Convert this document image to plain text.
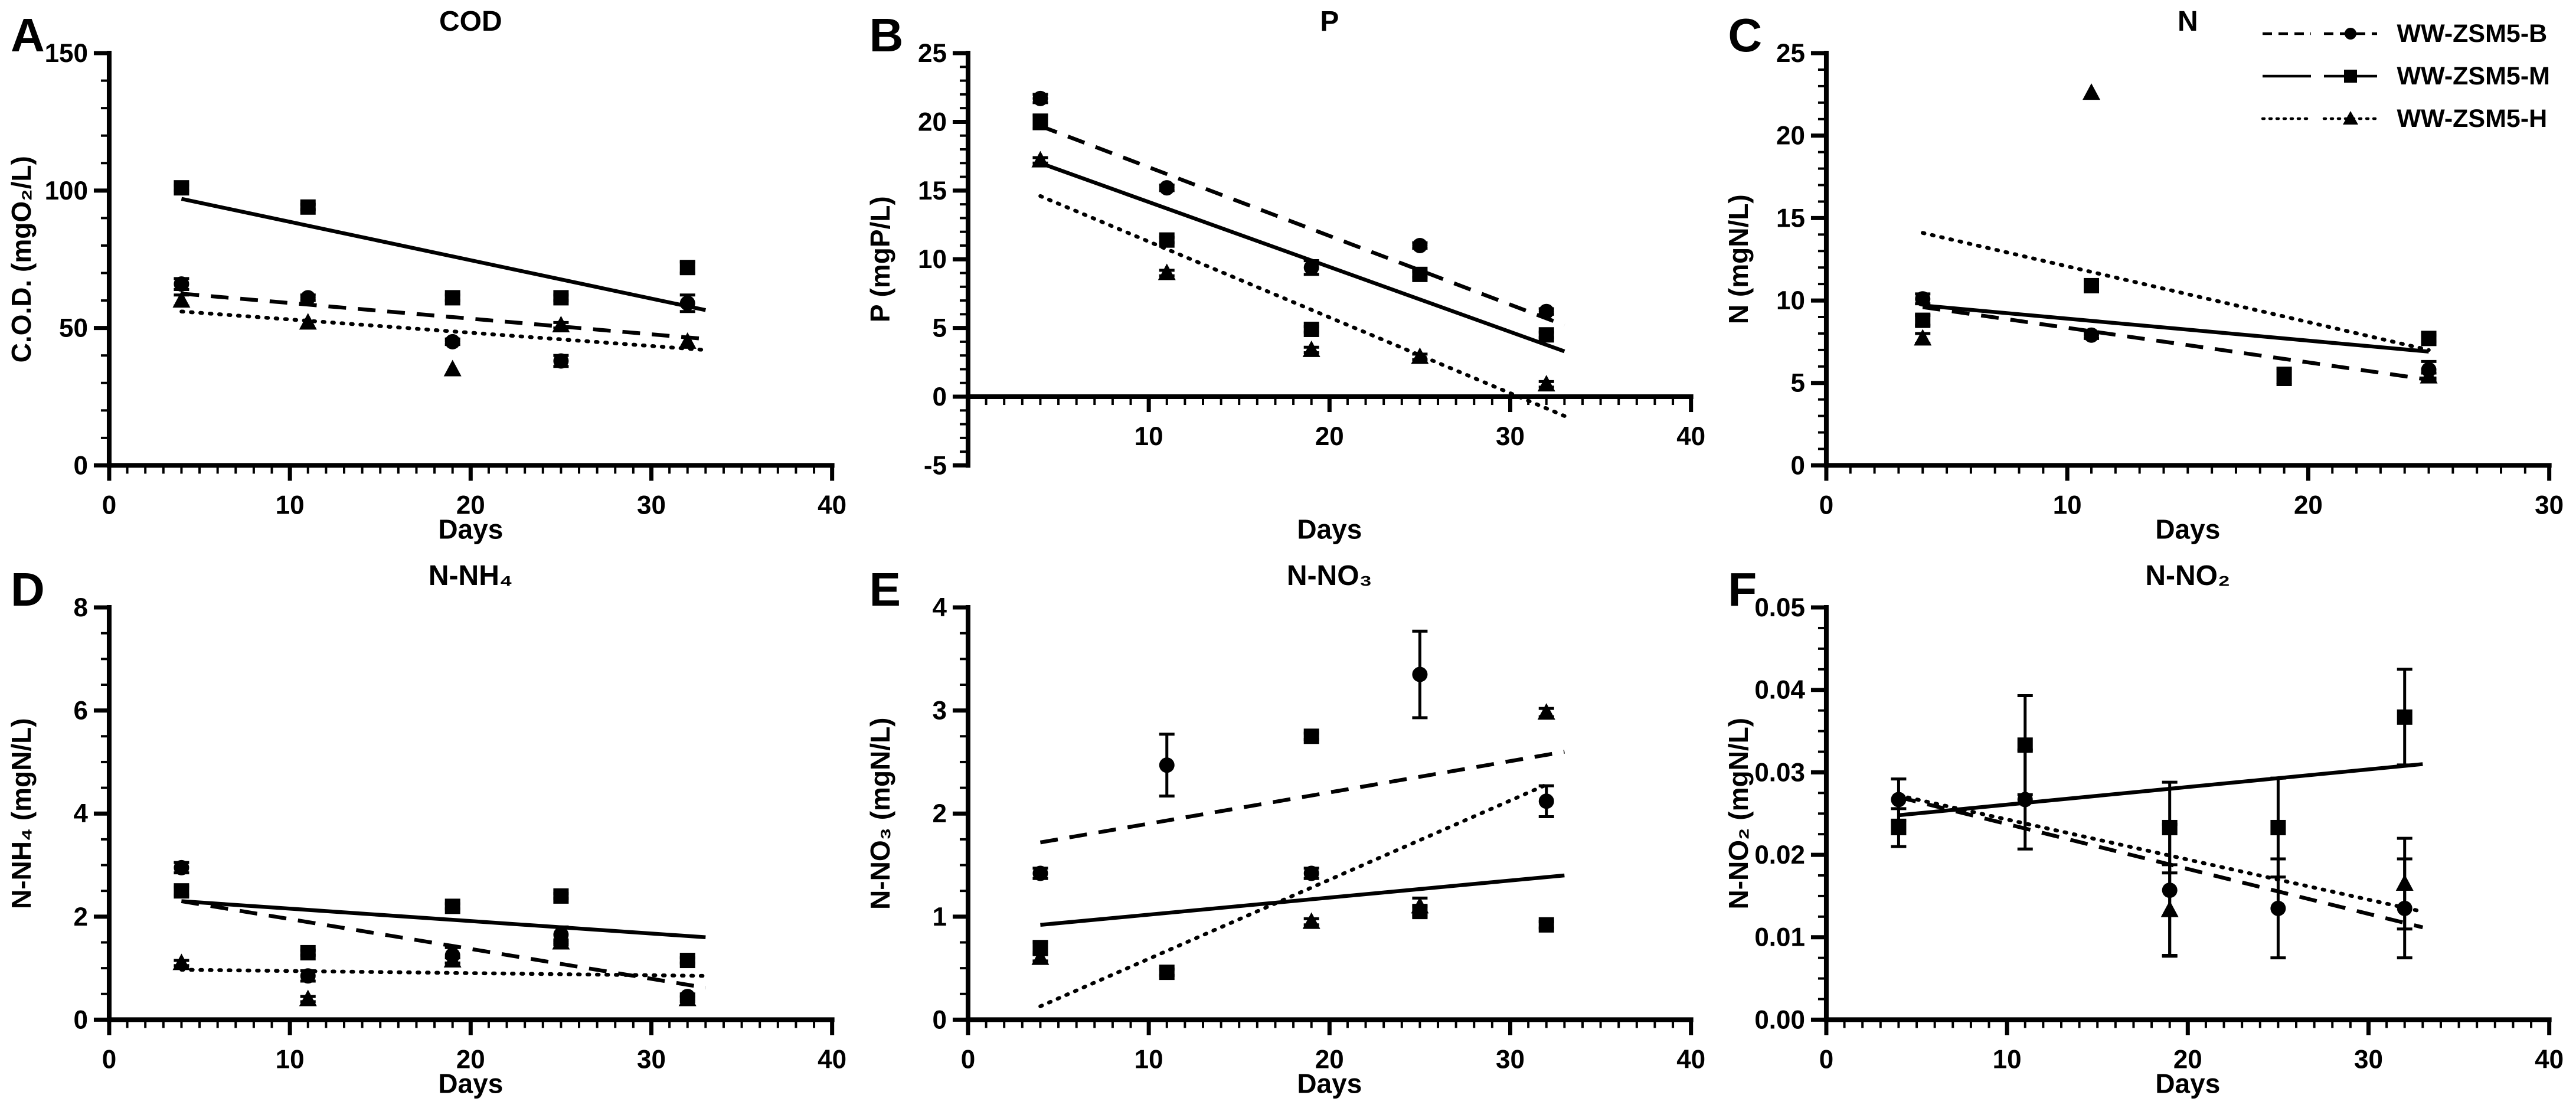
A
0	10	20	30	40
0
50
100
150
COD
Days
C.O.D. (mgO₂/L)
B
10	20	30	40
-5
0
5
10
15
20
25
P
Days
P (mgP/L)
C
0	10	20	30
0
5
10
15
20
25
N
Days
N (mgN/L)
WW-ZSM5-B
WW-ZSM5-M
WW-ZSM5-H
D
0	10	20	30	40
0
2
4
6
8
N-NH₄
Days
N-NH₄ (mgN/L)
E
0	10	20	30	40
0
1
2
3
4
N-NO₃
Days
N-NO₃ (mgN/L)
F
0	10	20	30	40
0.00
0.01
0.02
0.03
0.04
0.05
N-NO₂
Days
N-NO₂ (mgN/L)
